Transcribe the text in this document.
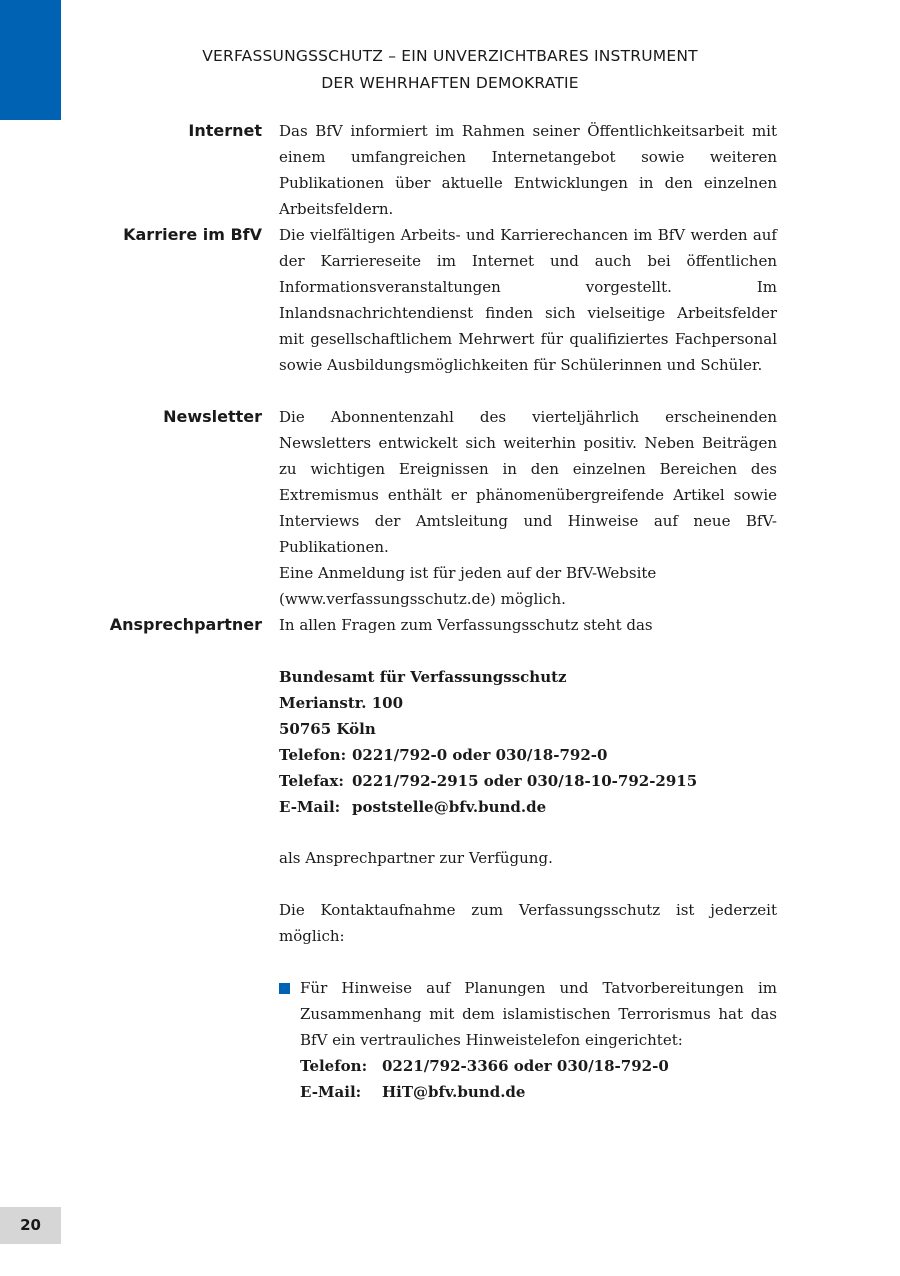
VERFASSUNGSSCHUTZ – EIN UNVERZICHTBARES INSTRUMENT
DER WEHRHAFTEN DEMOKRATIE
Internet Das BfV informiert im Rahmen seiner Öffentlichkeitsarbeit mit einem umfangreichen Internetangebot sowie weiteren Publikationen über aktuelle Entwicklungen in den einzelnen Arbeitsfeldern.
Karriere im BfV Die vielfältigen Arbeits- und Karrierechancen im BfV werden auf der Karriereseite im Internet und auch bei öffentlichen Informationsveranstaltungen vorgestellt. Im Inlandsnachrichtendienst finden sich vielseitige Arbeitsfelder mit gesellschaftlichem Mehrwert für qualifiziertes Fachpersonal sowie Ausbildungsmöglichkeiten für Schülerinnen und Schüler.
Newsletter Die Abonnentenzahl des vierteljährlich erscheinenden Newsletters entwickelt sich weiterhin positiv. Neben Beiträgen zu wichtigen Ereignissen in den einzelnen Bereichen des Extremismus enthält er phänomenübergreifende Artikel sowie Interviews der Amtsleitung und Hinweise auf neue BfV-Publikationen.
Eine Anmeldung ist für jeden auf der BfV-Website
(www.verfassungsschutz.de) möglich.
Ansprechpartner In allen Fragen zum Verfassungsschutz steht das
Bundesamt für Verfassungsschutz
Merianstr. 100
50765 Köln
Telefon: 0221/792-0 oder 030/18-792-0
Telefax: 0221/792-2915 oder 030/18-10-792-2915
E-Mail: poststelle@bfv.bund.de
als Ansprechpartner zur Verfügung.
Die Kontaktaufnahme zum Verfassungsschutz ist jederzeit möglich:
Für Hinweise auf Planungen und Tatvorbereitungen im Zusammenhang mit dem islamistischen Terrorismus hat das BfV ein vertrauliches Hinweistelefon eingerichtet:
Telefon: 0221/792-3366 oder 030/18-792-0
E-Mail:	HiT@bfv.bund.de
20
